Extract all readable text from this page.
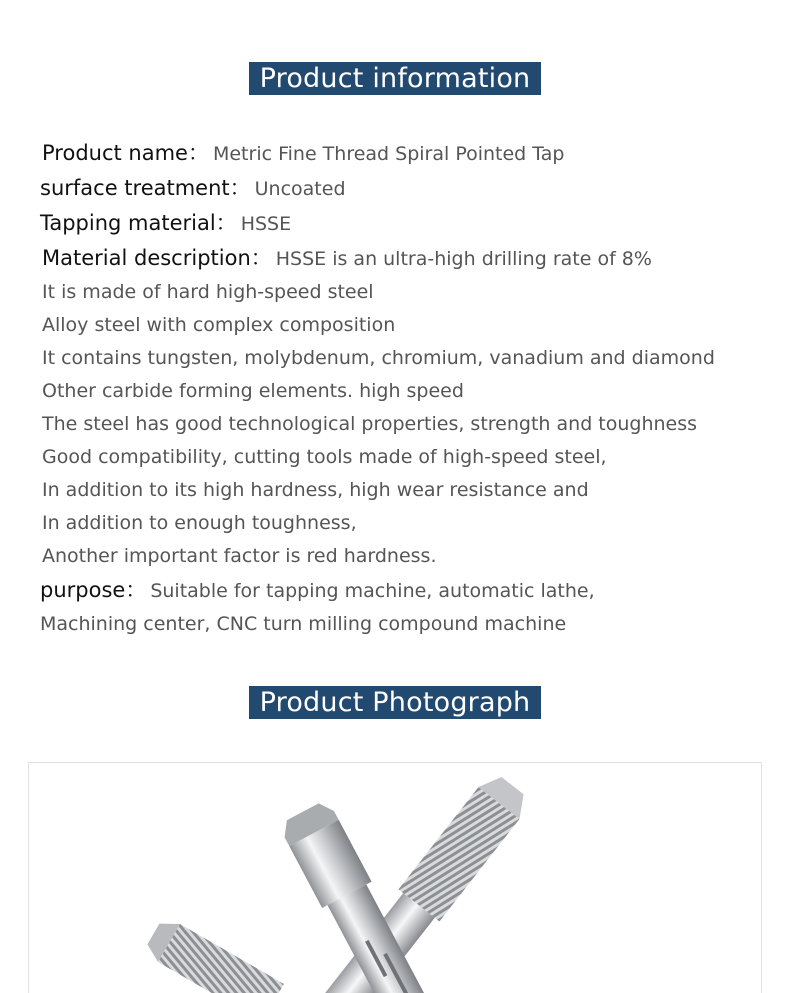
Product information
Product name： Metric Fine Thread Spiral Pointed Tap
surface treatment： Uncoated
Tapping material： HSSE
Material description： HSSE is an ultra-high drilling rate of 8%
It is made of hard high-speed steel
Alloy steel with complex composition
It contains tungsten, molybdenum, chromium, vanadium and diamond
Other carbide forming elements. high speed
The steel has good technological properties, strength and toughness
Good compatibility, cutting tools made of high-speed steel,
In addition to its high hardness, high wear resistance and
In addition to enough toughness,
Another important factor is red hardness.
purpose： Suitable for tapping machine, automatic lathe,
Machining center, CNC turn milling compound machine
Product Photograph
